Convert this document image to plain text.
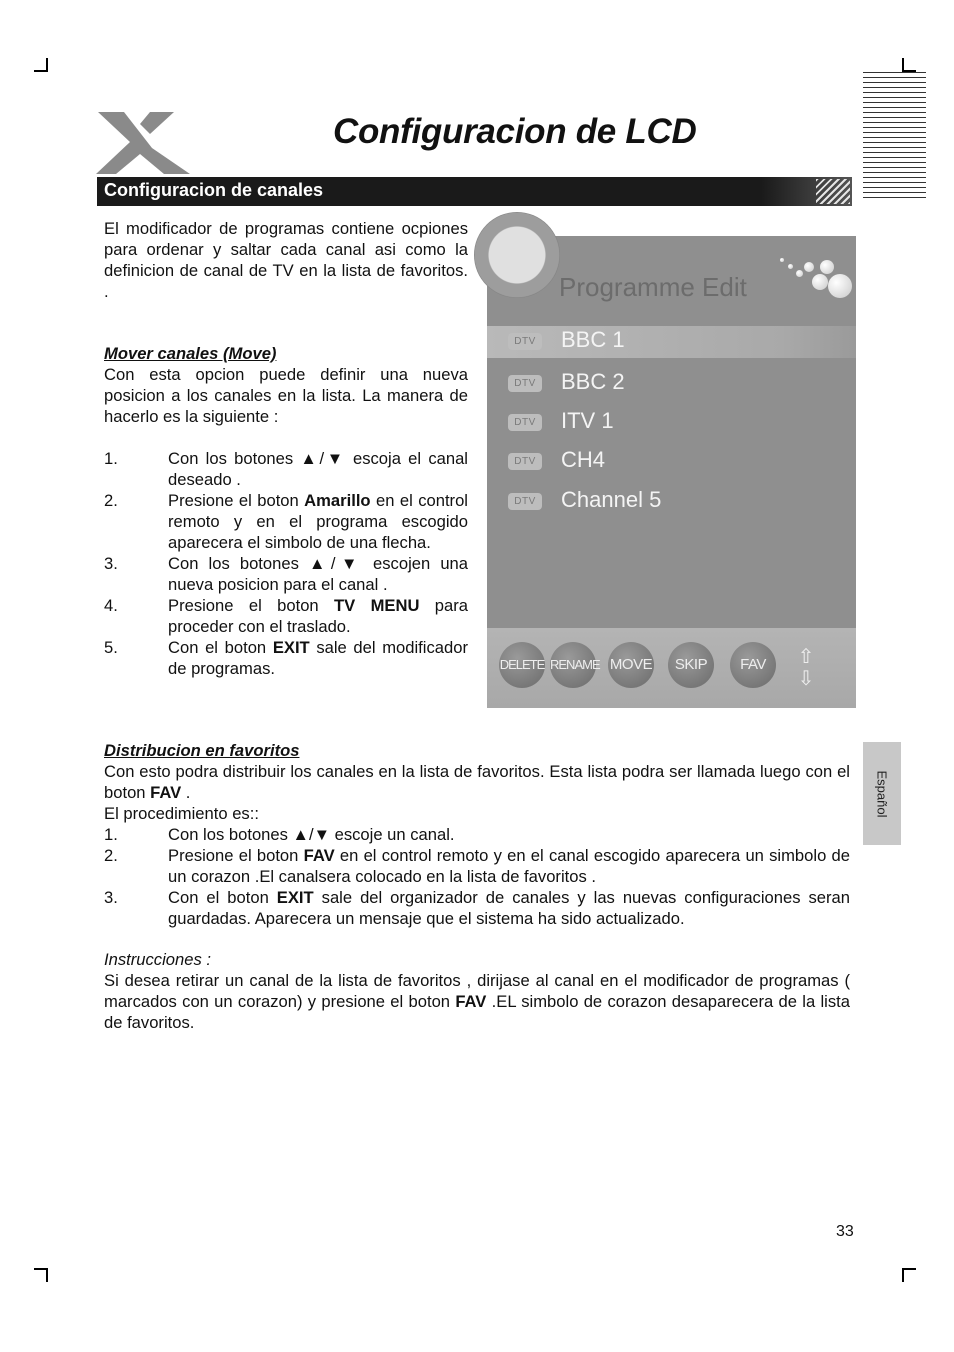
Configuracion de LCD
Configuracion de canales
El modificador de programas contiene ocpiones para ordenar y saltar cada canal asi como la definicion de canal de TV en la lista de favoritos. .
Mover canales (Move)
Con esta opcion puede definir una nueva posicion a los canales en la lista. La manera de hacerlo es la siguiente :
1.	Con los botones ▲/▼ escoja el canal deseado .
2.	Presione el boton Amarillo en el control remoto y en el programa escogido aparecera el simbolo de una flecha.
3.	Con los botones ▲/▼ escojen una nueva posicion para el canal .
4.	Presione el boton TV MENU para proceder con el traslado.
5.	Con el boton EXIT sale del modificador de programas.
Programme Edit
DTV BBC 1
DTV BBC 2
DTV ITV 1
DTV CH4
DTV Channel 5
DELETE RENAME MOVE	SKIP	FAV	⇧
⇩
Distribucion en favoritos
Con esto podra distribuir los canales en la lista de favoritos. Esta lista podra ser llamada luego con el boton FAV .
El procedimiento es::
1.	Con los botones ▲/▼ escoje un canal.
2.	Presione el boton FAV en el control remoto y en el canal escogido aparecera un simbolo de un corazon .El canalsera colocado en la lista de favoritos .
3.	Con el boton EXIT sale del organizador de canales y las nuevas configuraciones seran guardadas. Aparecera un mensaje que el sistema ha sido actualizado.
Instrucciones :
Si desea retirar un canal de la lista de favoritos , dirijase al canal en el modificador de programas ( marcados con un corazon) y presione el boton FAV .EL simbolo de corazon desaparecera de la lista de favoritos.
Español
33
